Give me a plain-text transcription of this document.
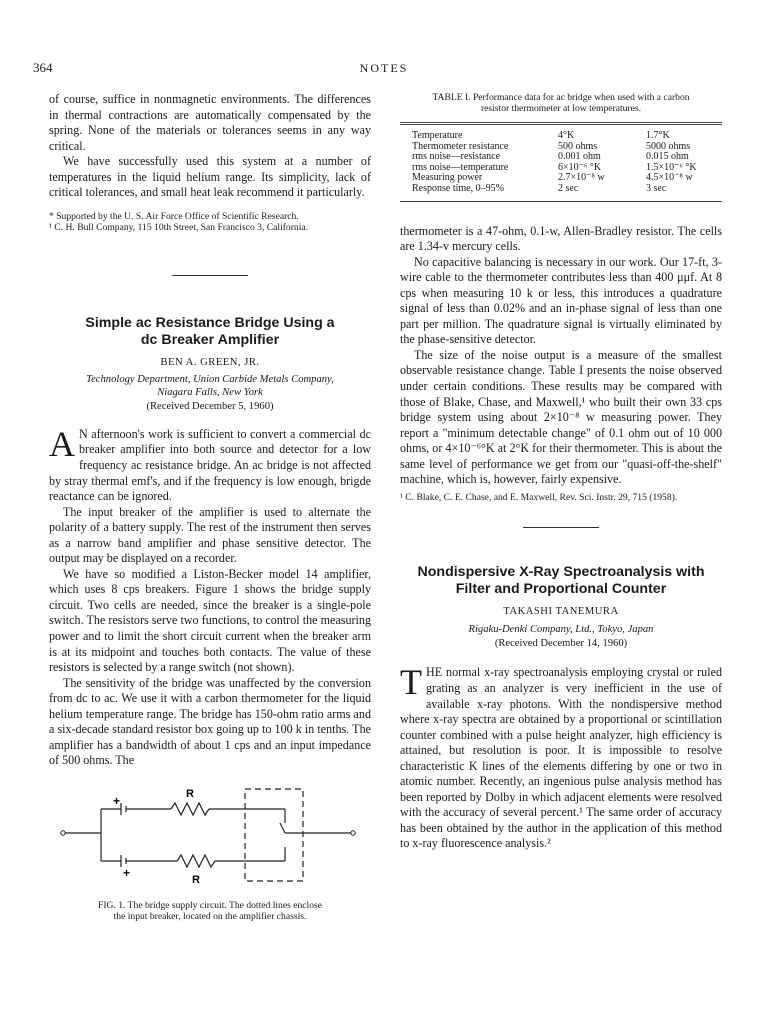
364	NOTES

of course, suffice in nonmagnetic environments. The differences in thermal contractions are automatically compensated by the spring. None of the materials or tolerances seems in any way critical.

We have successfully used this system at a number of temperatures in the liquid helium range. Its simplicity, lack of critical tolerances, and small heat leak recommend it particularly.

* Supported by the U. S. Air Force Office of Scientific Research.

¹ C. H. Bull Company, 115 10th Street, San Francisco 3, California.

Simple ac Resistance Bridge Using a

dc Breaker Amplifier

BEN A. GREEN, JR.

Technology Department, Union Carbide Metals Company,

Niagara Falls, New York

(Received December 5, 1960)

A N afternoon's work is sufficient to convert a commercial dc breaker amplifier into both source and detector for a low frequency ac resistance bridge. An ac bridge is not affected by stray thermal emf's, and if the frequency is low enough, brigde reactance can be ignored.

The input breaker of the amplifier is used to alternate the polarity of a battery supply. The rest of the instrument then serves as a narrow band amplifier and phase sensitive detector. The output may be displayed on a recorder.

We have so modified a Liston-Becker model 14 amplifier, which uses 8 cps breakers. Figure 1 shows the bridge supply circuit. Two cells are needed, since the breaker is a single-pole switch. The resistors serve two functions, to control the measuring power and to limit the short circuit current when the breaker arm is at its midpoint and touches both contacts. The value of these resistors is selected by a range switch (not shown).

The sensitivity of the bridge was unaffected by the conversion from dc to ac. We use it with a carbon thermometer for the liquid helium temperature range. The bridge has 150-ohm ratio arms and a six-decade standard resistor box going up to 100 k in tenths. The amplifier has a bandwidth of about 1 cps and an input impedance of 500 ohms. The

R
R
+
+

FIG. 1. The bridge supply circuit. The dotted lines enclose

the input breaker, located on the amplifier chassis.

TABLE I. Performance data for ac bridge when used with a carbon

resistor thermometer at low temperatures.

Temperature	4°K	1.7°K
Thermometer resistance	500 ohms	5000 ohms
rms noise—resistance	0.001 ohm	0.015 ohm
rms noise—temperature	6×10⁻⁶ °K	1.5×10⁻⁶ °K
Measuring power	2.7×10⁻⁸ w	4.5×10⁻⁸ w
Response time, 0–95%	2 sec	3 sec

thermometer is a 47-ohm, 0.1-w, Allen-Bradley resistor. The cells are 1.34-v mercury cells.

No capacitive balancing is necessary in our work. Our 17-ft, 3-wire cable to the thermometer contributes less than 400 μμf. At 8 cps when measuring 10 k or less, this introduces a quadrature signal of less than 0.02% and an in-phase signal of less than one part per million. The quadrature signal is virtually eliminated by the phase-sensitive detector.

The size of the noise output is a measure of the smallest observable resistance change. Table I presents the noise observed under certain conditions. These results may be compared with those of Blake, Chase, and Maxwell,¹ who built their own 33 cps bridge system using about 2×10⁻⁸ w measuring power. They report a "minimum detectable change" of 0.1 ohm out of 10 000 ohms, or 4×10⁻⁶°K at 2°K for their thermometer. This is about the same level of performance we get from our "quasi-off-the-shelf" machine, which is, however, fairly expensive.

¹ C. Blake, C. E. Chase, and E. Maxwell, Rev. Sci. Instr. 29, 715 (1958).

Nondispersive X-Ray Spectroanalysis with

Filter and Proportional Counter

TAKASHI TANEMURA

Rigaku-Denki Company, Ltd., Tokyo, Japan

(Received December 14, 1960)

THE normal x-ray spectroanalysis employing crystal or ruled grating as an analyzer is very inefficient in the use of available x-ray photons. With the nondispersive method where x-ray spectra are obtained by a proportional or scintillation counter combined with a pulse height analyzer, high efficiency is attained, but resolution is poor. It is impossible to resolve characteristic K lines of the elements differing by one or two in atomic number. Recently, an ingenious pulse analysis method has been reported by Dolby in which adjacent elements were resolved with the accuracy of several percent.¹ The same order of accuracy has been obtained by the author in the application of this method to x-ray fluorescence analysis.²
